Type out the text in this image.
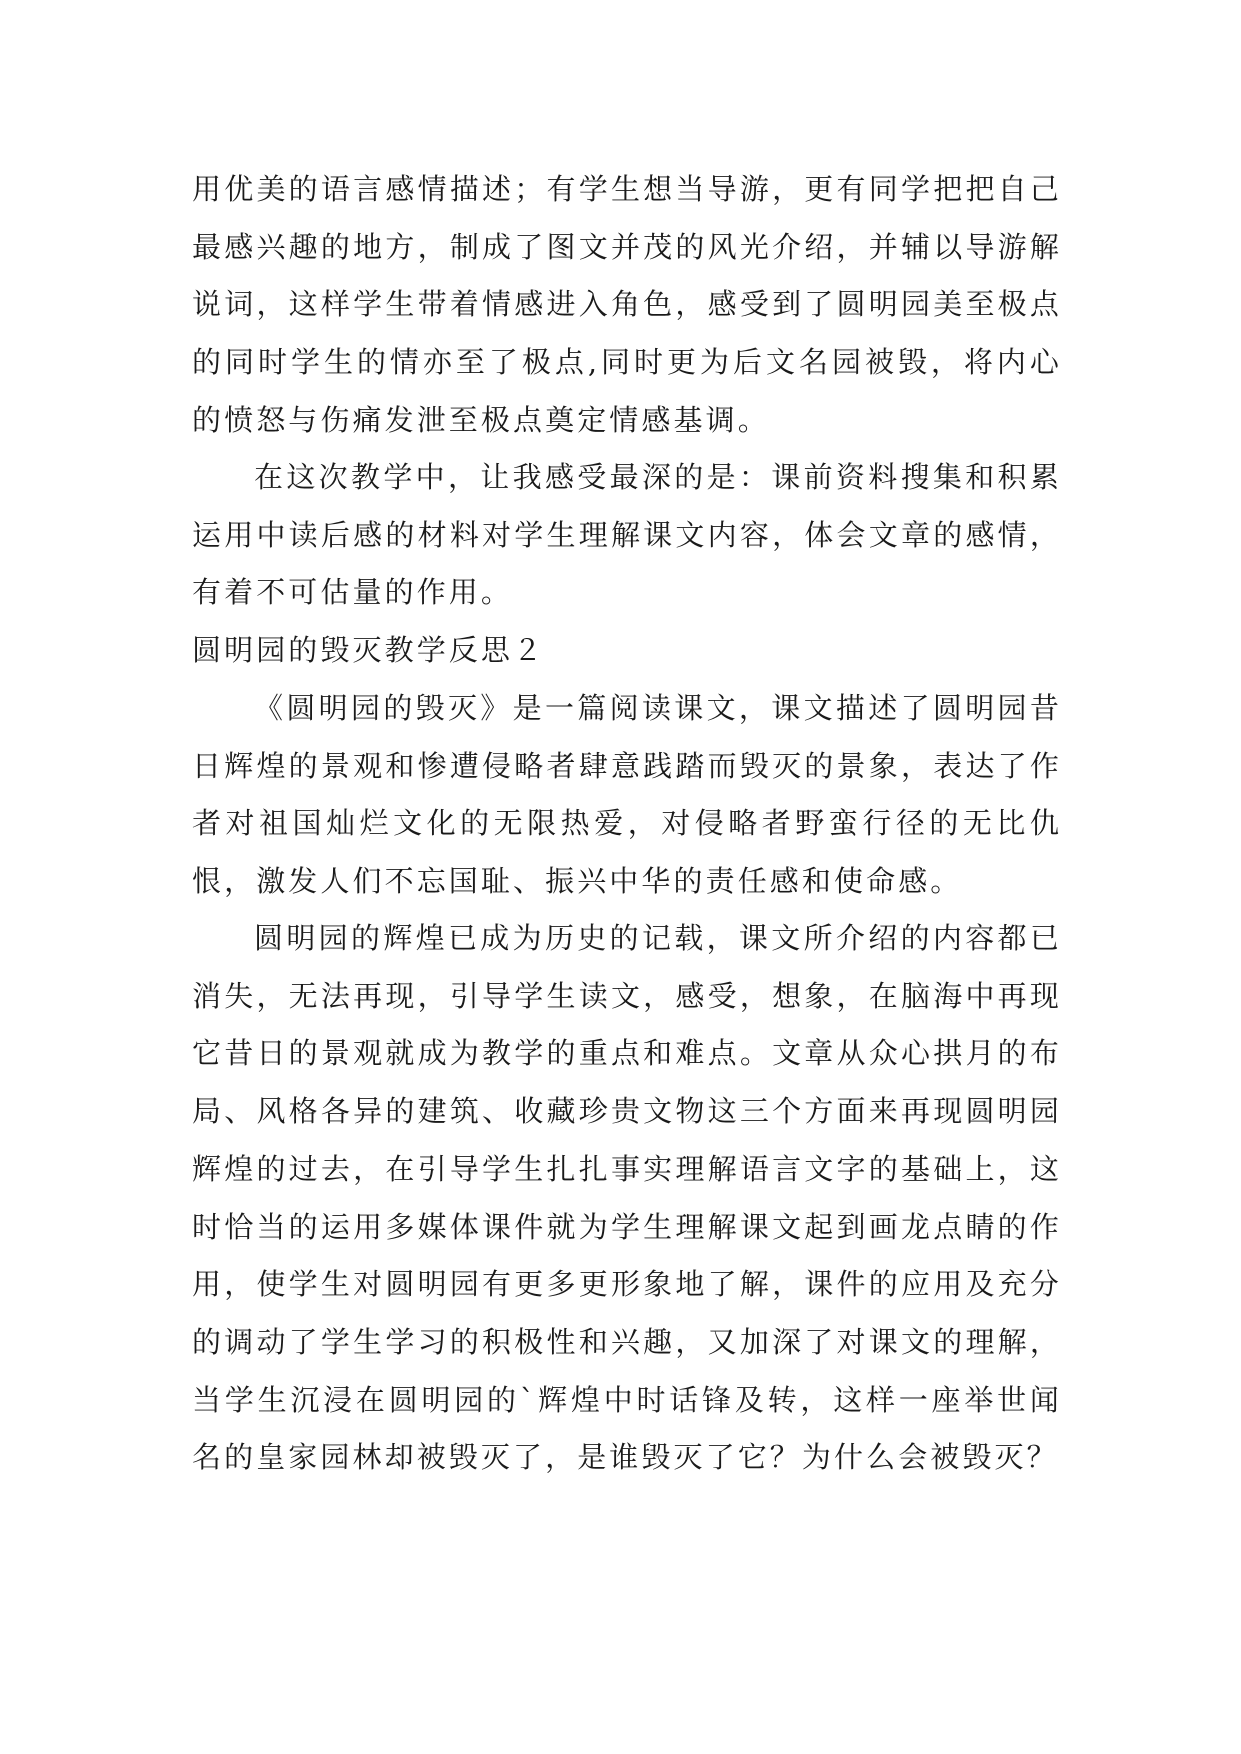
用优美的语言感情描述；有学生想当导游，更有同学把把自己最感兴趣的地方，制成了图文并茂的风光介绍，并辅以导游解说词，这样学生带着情感进入角色，感受到了圆明园美至极点的同时学生的情亦至了极点,同时更为后文名园被毁，将内心的愤怒与伤痛发泄至极点奠定情感基调。

在这次教学中，让我感受最深的是：课前资料搜集和积累运用中读后感的材料对学生理解课文内容，体会文章的感情，有着不可估量的作用。

圆明园的毁灭教学反思２

《圆明园的毁灭》是一篇阅读课文，课文描述了圆明园昔日辉煌的景观和惨遭侵略者肆意践踏而毁灭的景象，表达了作者对祖国灿烂文化的无限热爱，对侵略者野蛮行径的无比仇恨，激发人们不忘国耻、振兴中华的责任感和使命感。

圆明园的辉煌已成为历史的记载，课文所介绍的内容都已消失，无法再现，引导学生读文，感受，想象，在脑海中再现它昔日的景观就成为教学的重点和难点。文章从众心拱月的布局、风格各异的建筑、收藏珍贵文物这三个方面来再现圆明园辉煌的过去，在引导学生扎扎事实理解语言文字的基础上，这时恰当的运用多媒体课件就为学生理解课文起到画龙点睛的作用，使学生对圆明园有更多更形象地了解，课件的应用及充分的调动了学生学习的积极性和兴趣，又加深了对课文的理解，当学生沉浸在圆明园的`辉煌中时话锋及转，这样一座举世闻名的皇家园林却被毁灭了，是谁毁灭了它？为什么会被毁灭？
